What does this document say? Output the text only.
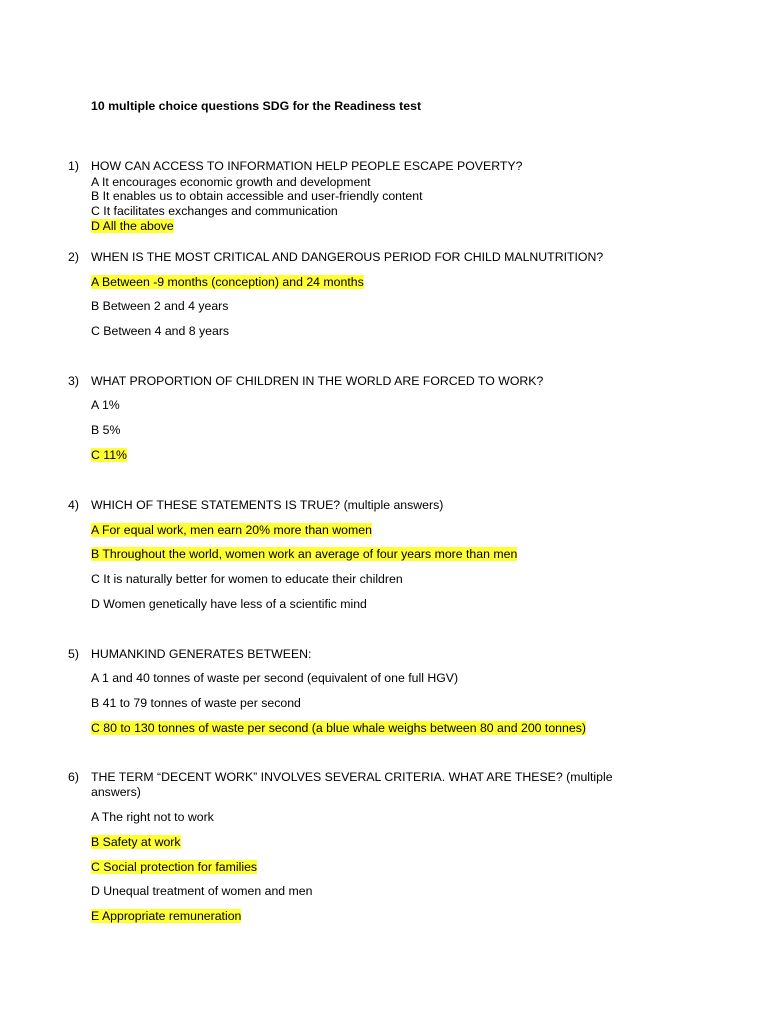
10 multiple choice questions SDG for the Readiness test
1) HOW CAN ACCESS TO INFORMATION HELP PEOPLE ESCAPE POVERTY?
A It encourages economic growth and development
B It enables us to obtain accessible and user-friendly content
C It facilitates exchanges and communication
D All the above
2) WHEN IS THE MOST CRITICAL AND DANGEROUS PERIOD FOR CHILD MALNUTRITION?
A Between -9 months (conception) and 24 months
B Between 2 and 4 years
C Between 4 and 8 years
3) WHAT PROPORTION OF CHILDREN IN THE WORLD ARE FORCED TO WORK?
A 1%
B 5%
C 11%
4) WHICH OF THESE STATEMENTS IS TRUE? (multiple answers)
A For equal work, men earn 20% more than women
B Throughout the world, women work an average of four years more than men
C It is naturally better for women to educate their children
D Women genetically have less of a scientific mind
5) HUMANKIND GENERATES BETWEEN:
A 1 and 40 tonnes of waste per second (equivalent of one full HGV)
B 41 to 79 tonnes of waste per second
C 80 to 130 tonnes of waste per second (a blue whale weighs between 80 and 200 tonnes)
6) THE TERM “DECENT WORK” INVOLVES SEVERAL CRITERIA. WHAT ARE THESE? (multiple answers)
A The right not to work
B Safety at work
C Social protection for families
D Unequal treatment of women and men
E Appropriate remuneration
